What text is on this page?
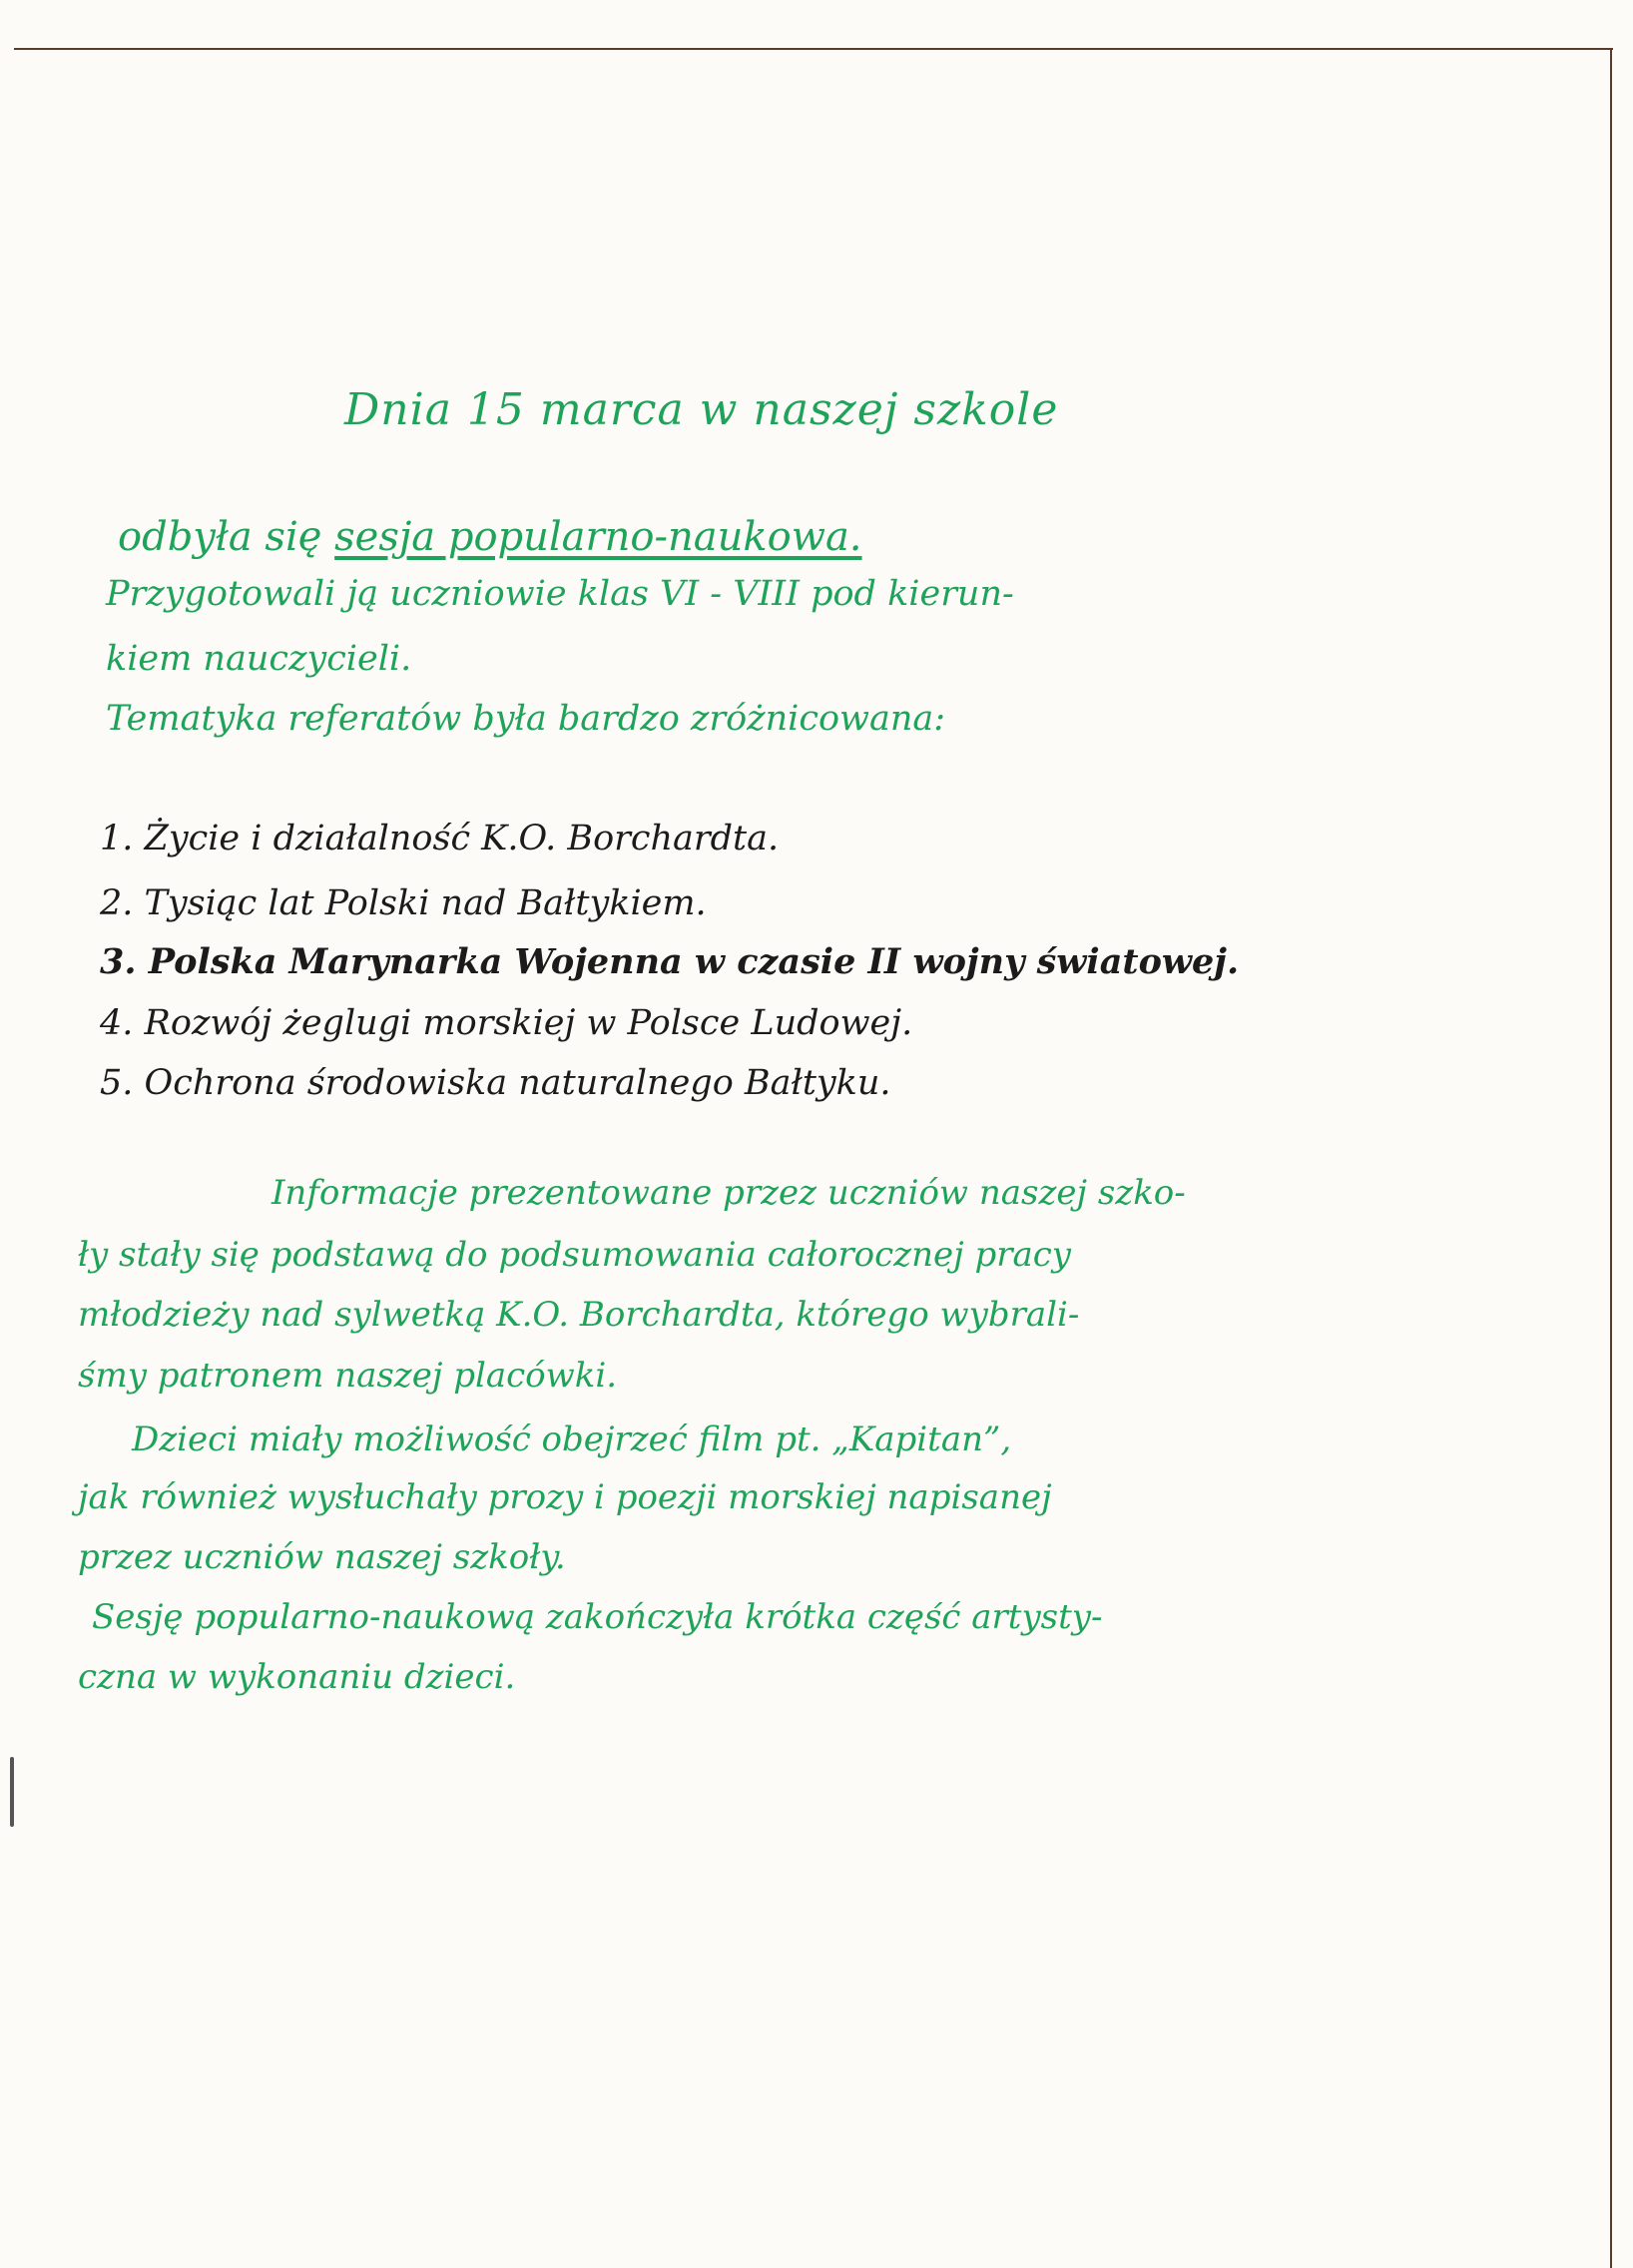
Dnia 15 marca w naszej szkole
odbyła się sesja popularno-naukowa.
Przygotowali ją uczniowie klas VI - VIII pod kierun-
kiem nauczycieli.
Tematyka referatów była bardzo zróżnicowana:
1. Życie i działalność K.O. Borchardta.
2. Tysiąc lat Polski nad Bałtykiem.
3. Polska Marynarka Wojenna w czasie II wojny światowej.
4. Rozwój żeglugi morskiej w Polsce Ludowej.
5. Ochrona środowiska naturalnego Bałtyku.
Informacje prezentowane przez uczniów naszej szko-
ły stały się podstawą do podsumowania całorocznej pracy
młodzieży nad sylwetką K.O. Borchardta, którego wybrali-
śmy patronem naszej placówki.
Dzieci miały możliwość obejrzeć film pt. „Kapitan”,
jak również wysłuchały prozy i poezji morskiej napisanej
przez uczniów naszej szkoły.
Sesję popularno-naukową zakończyła krótka część artysty-
czna w wykonaniu dzieci.
